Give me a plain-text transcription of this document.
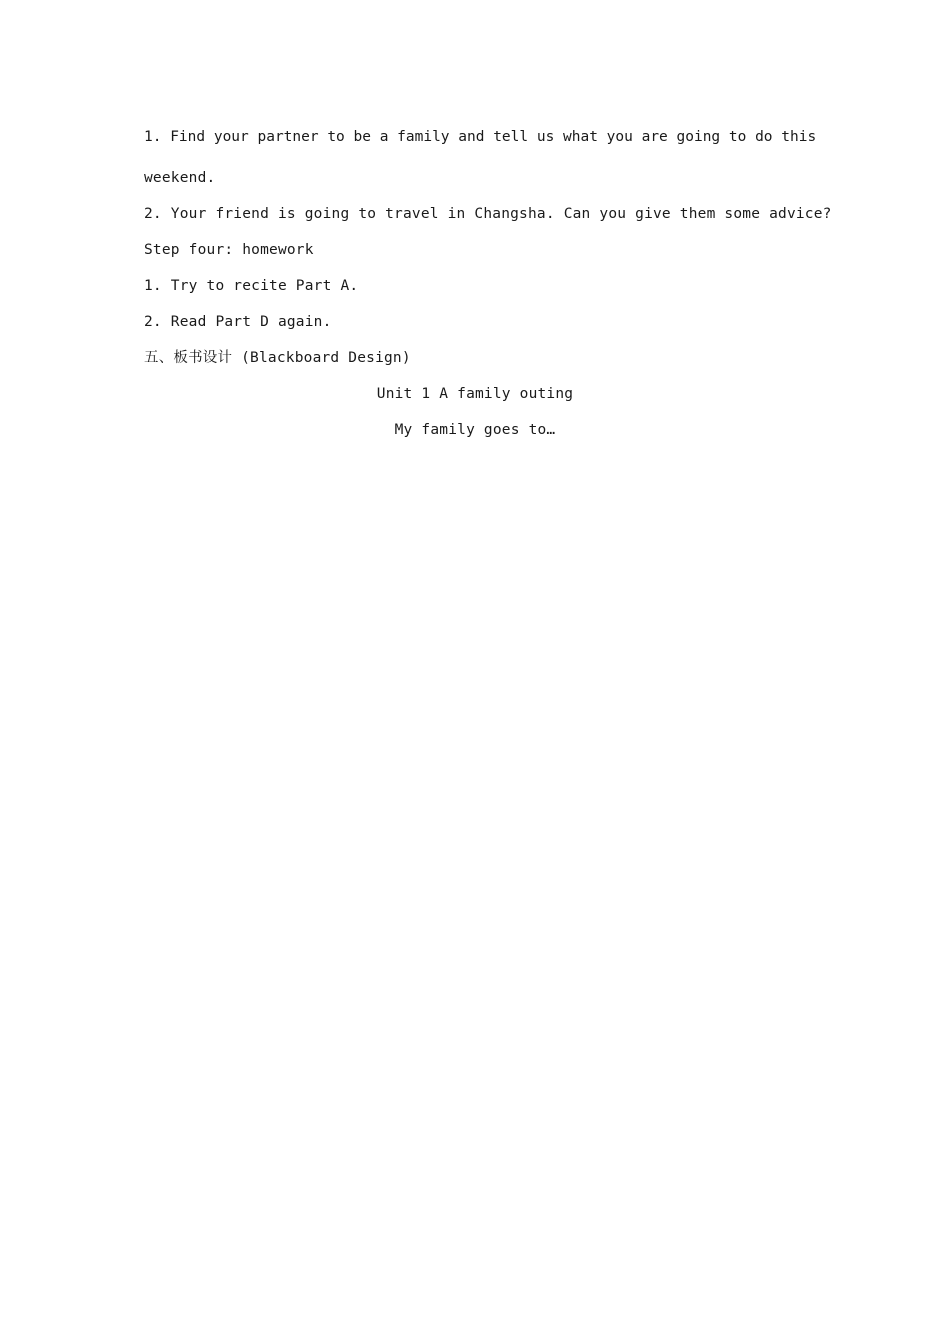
1. Find your partner to be a family and tell us what you are going to do this
weekend.
2. Your friend is going to travel in Changsha. Can you give them some advice?
Step four: homework
1. Try to recite Part A.
2. Read Part D again.
五、板书设计 (Blackboard Design)
Unit 1 A family outing
My family goes to…
